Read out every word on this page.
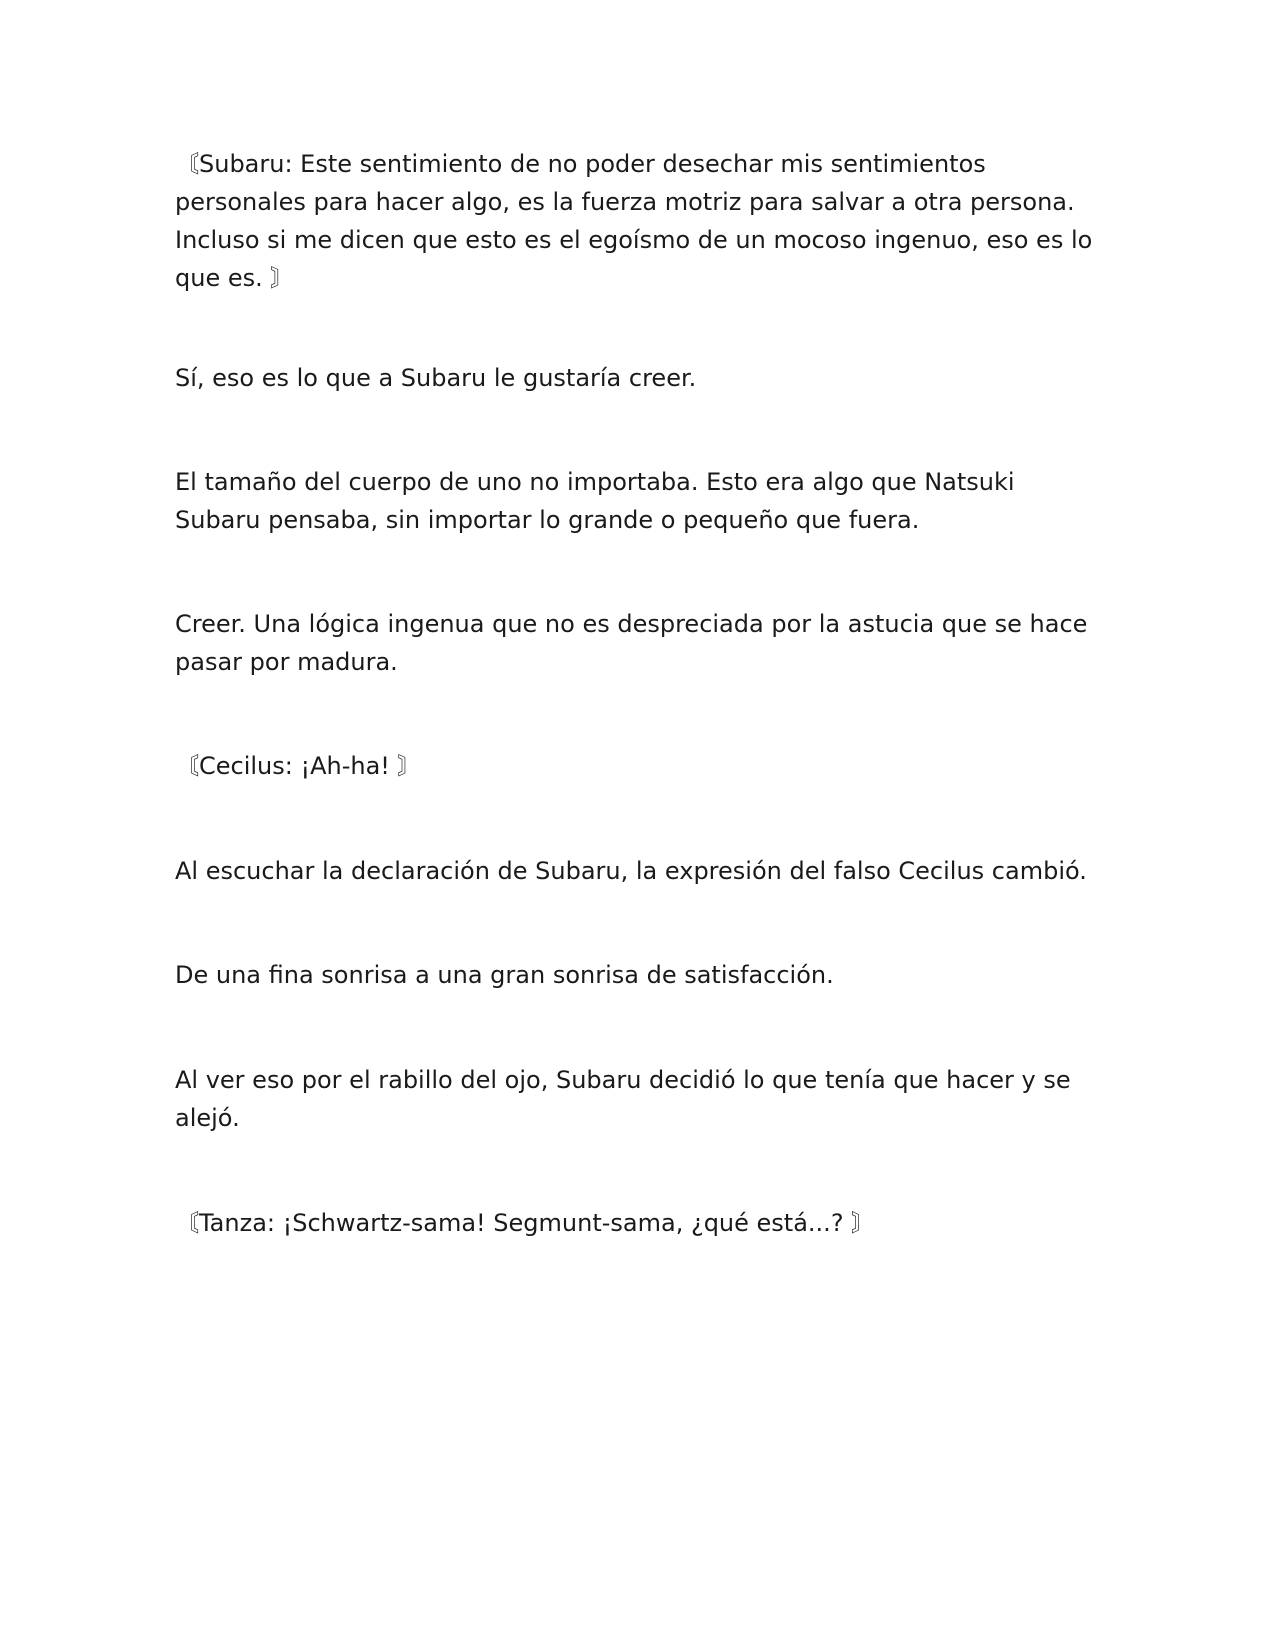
〘Subaru: Este sentimiento de no poder desechar mis sentimientos personales para hacer algo, es la fuerza motriz para salvar a otra persona. Incluso si me dicen que esto es el egoísmo de un mocoso ingenuo, eso es lo que es. 〙

Sí, eso es lo que a Subaru le gustaría creer.

El tamaño del cuerpo de uno no importaba. Esto era algo que Natsuki Subaru pensaba, sin importar lo grande o pequeño que fuera.

Creer. Una lógica ingenua que no es despreciada por la astucia que se hace pasar por madura.

〘Cecilus: ¡Ah-ha! 〙

Al escuchar la declaración de Subaru, la expresión del falso Cecilus cambió.

De una fina sonrisa a una gran sonrisa de satisfacción.

Al ver eso por el rabillo del ojo, Subaru decidió lo que tenía que hacer y se alejó.

〘Tanza: ¡Schwartz-sama! Segmunt-sama, ¿qué está...? 〙
